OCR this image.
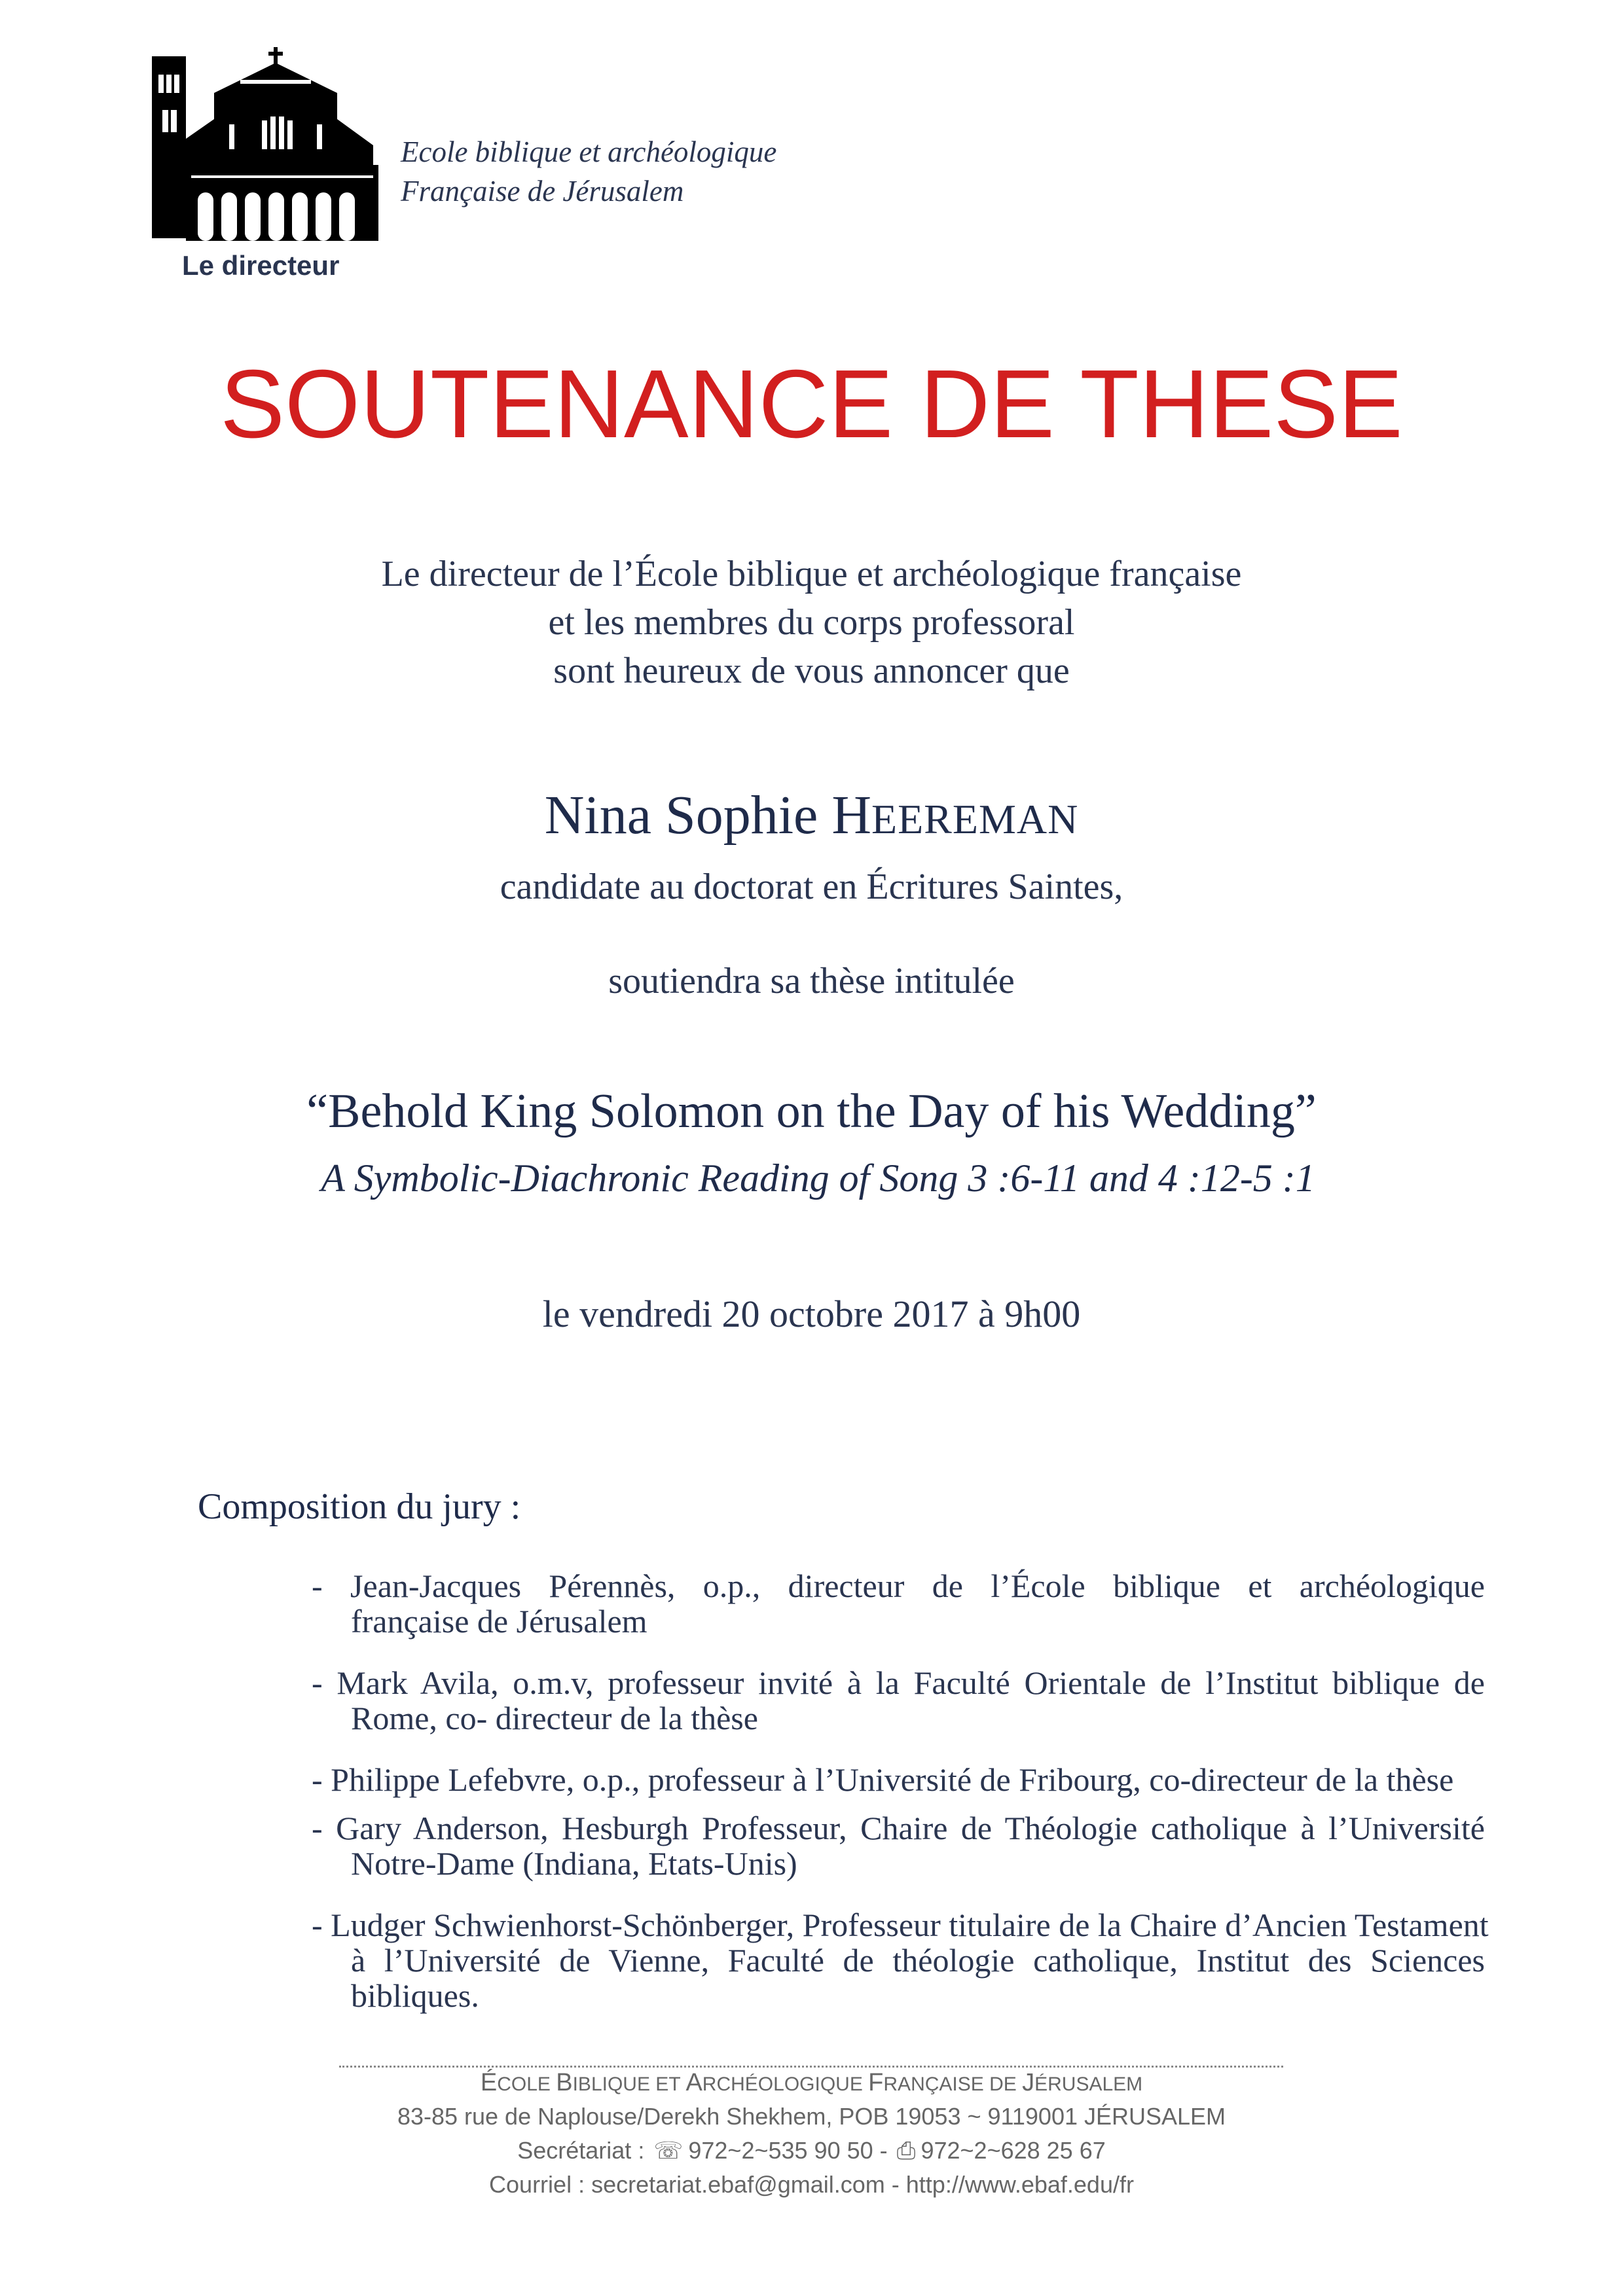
Ecole biblique et archéologique
Française de Jérusalem
Le directeur
SOUTENANCE DE THESE
Le directeur de l’École biblique et archéologique française
et les membres du corps professoral
sont heureux de vous annoncer que
Nina Sophie HEEREMAN
candidate au doctorat en Écritures Saintes,
soutiendra sa thèse intitulée
“Behold King Solomon on the Day of his Wedding”
A Symbolic-Diachronic Reading of Song 3 :6-11 and 4 :12-5 :1
le vendredi 20 octobre 2017 à 9h00
Composition du jury :
- Jean-Jacques Pérennès, o.p., directeur de l’École biblique et archéologique
française de Jérusalem
- Mark Avila, o.m.v, professeur invité à la Faculté Orientale de l’Institut biblique de
Rome, co- directeur de la thèse
- Philippe Lefebvre, o.p., professeur à l’Université de Fribourg, co-directeur de la thèse
- Gary Anderson, Hesburgh Professeur, Chaire de Théologie catholique à l’Université
Notre-Dame (Indiana, Etats-Unis)
- Ludger Schwienhorst-Schönberger, Professeur titulaire de la Chaire d’Ancien Testament
à l’Université de Vienne, Faculté de théologie catholique, Institut des Sciences
bibliques.
ÉCOLE BIBLIQUE ET ARCHÉOLOGIQUE FRANÇAISE DE JÉRUSALEM
83-85 rue de Naplouse/Derekh Shekhem, POB 19053 ~ 9119001 JÉRUSALEM
Secrétariat : ☏ 972~2~535 90 50 - ⎙ 972~2~628 25 67
Courriel : secretariat.ebaf@gmail.com - http://www.ebaf.edu/fr
